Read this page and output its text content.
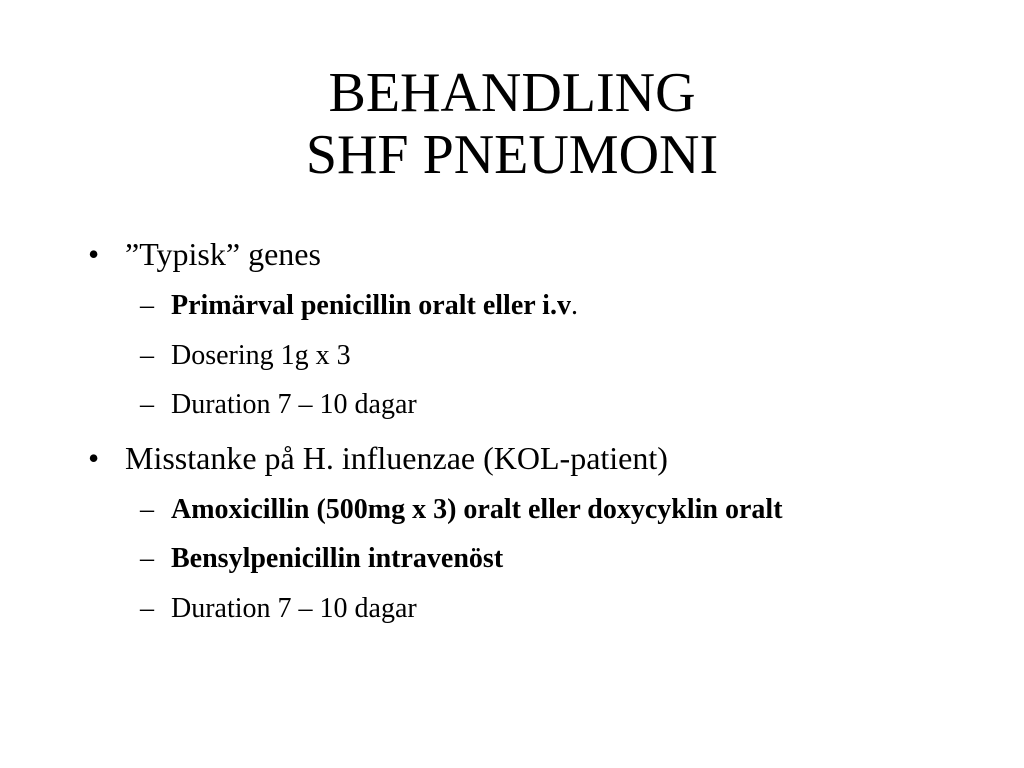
BEHANDLING
SHF PNEUMONI
• ”Typisk” genes
– Primärval penicillin oralt eller i.v.
– Dosering 1g x 3
– Duration 7 – 10 dagar
• Misstanke på H. influenzae (KOL-patient)
– Amoxicillin (500mg x 3) oralt eller doxycyklin oralt
– Bensylpenicillin intravenöst
– Duration 7 – 10 dagar
